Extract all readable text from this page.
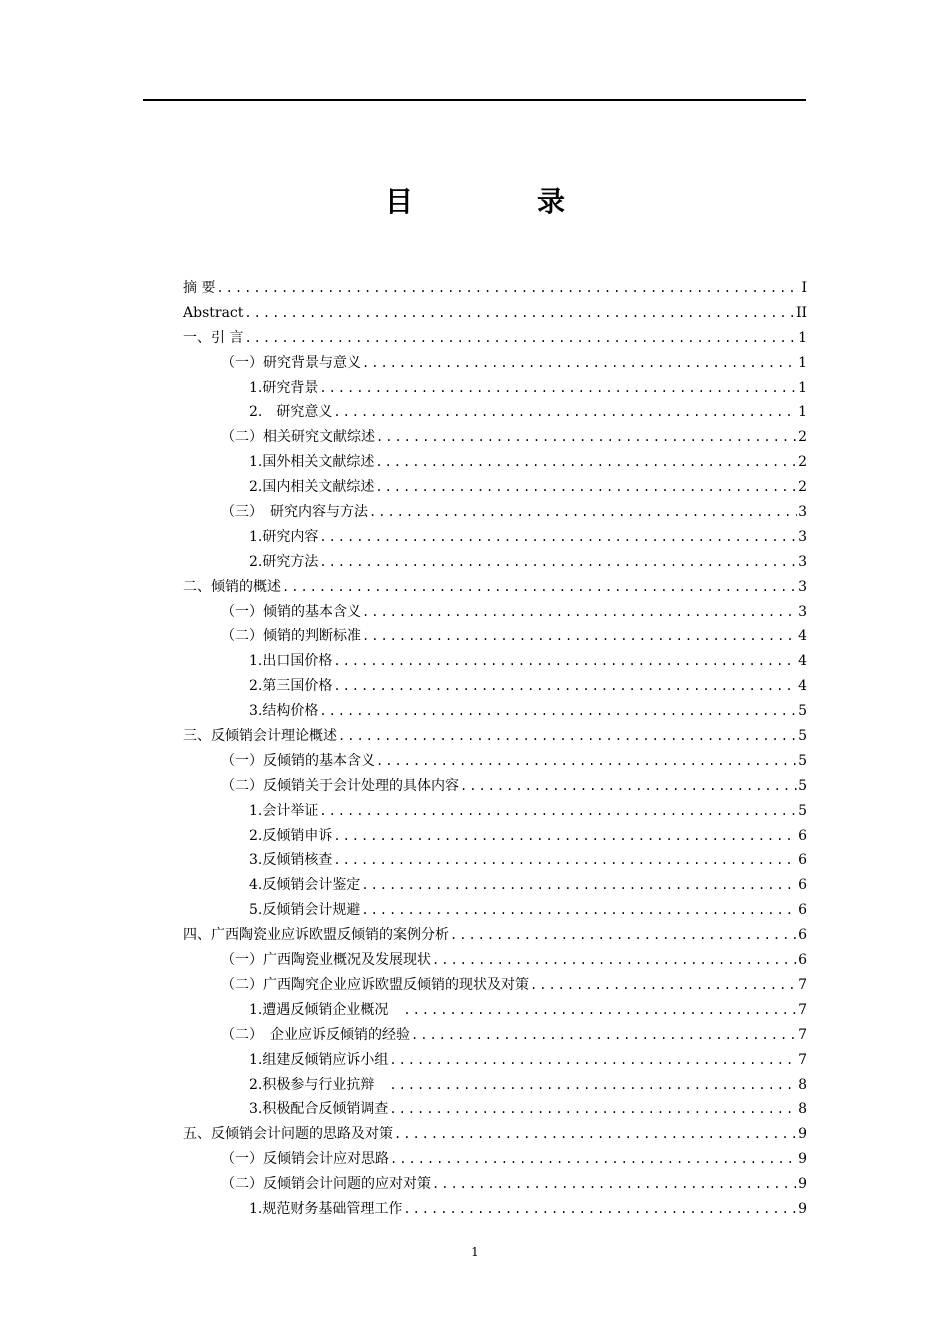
目　录
摘 要 .....	I
Abstract .....	II
一、引 言 .....	1
（一）研究背景与意义 .....	1
1.研究背景 .....	1
2.　研究意义 .....	1
（二）相关研究文献综述 .....	2
1.国外相关文献综述 .....	2
2.国内相关文献综述 .....	2
（三）　研究内容与方法 .....	3
1.研究内容 .....	3
2.研究方法 .....	3
二、倾销的概述 .....	3
（一）倾销的基本含义 .....	3
（二）倾销的判断标准 .....	4
1.出口国价格 .....	4
2.第三国价格 .....	4
3.结构价格 .....	5
三、反倾销会计理论概述 .....	5
（一）反倾销的基本含义 .....	5
（二）反倾销关于会计处理的具体内容 .....	5
1.会计举证 .....	5
2.反倾销申诉 .....	6
3.反倾销核查 .....	6
4.反倾销会计鉴定 .....	6
5.反倾销会计规避 .....	6
四、广西陶瓷业应诉欧盟反倾销的案例分析 .....	6
（一）广西陶瓷业概况及发展现状 .....	6
（二）广西陶究企业应诉欧盟反倾销的现状及对策 .....	7
1.遭遇反倾销企业概况　 .....	7
（二）　企业应诉反倾销的经验 .....	7
1.组建反倾销应诉小组 .....	7
2.积极参与行业抗辩　 .....	8
3.积极配合反倾销调查 .....	8
五、反倾销会计问题的思路及对策 .....	9
（一）反倾销会计应对思路 .....	9
（二）反倾销会计问题的应对对策 .....	9
1.规范财务基础管理工作 .....	9
1
